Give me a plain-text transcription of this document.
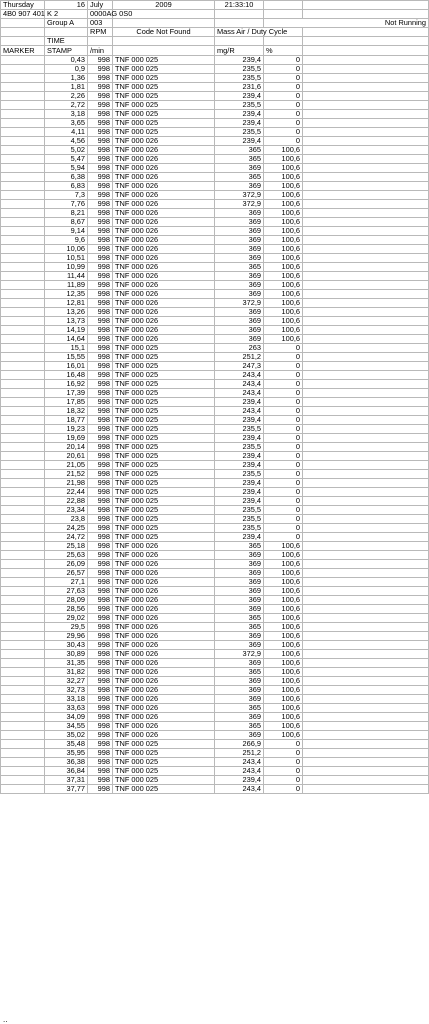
Thursday	16	July	2009	21:33:10		
4B0 907 401 K 2		0000AG 0S0				
	Group A	003			Not Running	
		RPM	Code Not Found	Mass Air / Duty Cycle		
	TIME					
MARKER	STAMP	/min		mg/R	%	
	0,43	998	TNF 000 025	239,4	0	
	0,9	998	TNF 000 025	235,5	0	
	1,36	998	TNF 000 025	235,5	0	
	1,81	998	TNF 000 025	231,6	0	
	2,26	998	TNF 000 025	239,4	0	
	2,72	998	TNF 000 025	235,5	0	
	3,18	998	TNF 000 025	239,4	0	
	3,65	998	TNF 000 025	239,4	0	
	4,11	998	TNF 000 025	235,5	0	
	4,56	998	TNF 000 026	239,4	0	
	5,02	998	TNF 000 026	365	100,6	
	5,47	998	TNF 000 026	365	100,6	
	5,94	998	TNF 000 026	369	100,6	
	6,38	998	TNF 000 026	365	100,6	
	6,83	998	TNF 000 026	369	100,6	
	7,3	998	TNF 000 026	372,9	100,6	
	7,76	998	TNF 000 026	372,9	100,6	
	8,21	998	TNF 000 026	369	100,6	
	8,67	998	TNF 000 026	369	100,6	
	9,14	998	TNF 000 026	369	100,6	
	9,6	998	TNF 000 026	369	100,6	
	10,06	998	TNF 000 026	369	100,6	
	10,51	998	TNF 000 026	369	100,6	
	10,99	998	TNF 000 026	365	100,6	
	11,44	998	TNF 000 026	369	100,6	
	11,89	998	TNF 000 026	369	100,6	
	12,35	998	TNF 000 026	369	100,6	
	12,81	998	TNF 000 026	372,9	100,6	
	13,26	998	TNF 000 026	369	100,6	
	13,73	998	TNF 000 026	369	100,6	
	14,19	998	TNF 000 026	369	100,6	
	14,64	998	TNF 000 026	369	100,6	
	15,1	998	TNF 000 025	263	0	
	15,55	998	TNF 000 025	251,2	0	
	16,01	998	TNF 000 025	247,3	0	
	16,48	998	TNF 000 025	243,4	0	
	16,92	998	TNF 000 025	243,4	0	
	17,39	998	TNF 000 025	243,4	0	
	17,85	998	TNF 000 025	239,4	0	
	18,32	998	TNF 000 025	243,4	0	
	18,77	998	TNF 000 025	239,4	0	
	19,23	998	TNF 000 025	235,5	0	
	19,69	998	TNF 000 025	239,4	0	
	20,14	998	TNF 000 025	235,5	0	
	20,61	998	TNF 000 025	239,4	0	
	21,05	998	TNF 000 025	239,4	0	
	21,52	998	TNF 000 025	235,5	0	
	21,98	998	TNF 000 025	239,4	0	
	22,44	998	TNF 000 025	239,4	0	
	22,88	998	TNF 000 025	239,4	0	
	23,34	998	TNF 000 025	235,5	0	
	23,8	998	TNF 000 025	235,5	0	
	24,25	998	TNF 000 025	235,5	0	
	24,72	998	TNF 000 025	239,4	0	
	25,18	998	TNF 000 026	365	100,6	
	25,63	998	TNF 000 026	369	100,6	
	26,09	998	TNF 000 026	369	100,6	
	26,57	998	TNF 000 026	369	100,6	
	27,1	998	TNF 000 026	369	100,6	
	27,63	998	TNF 000 026	369	100,6	
	28,09	998	TNF 000 026	369	100,6	
	28,56	998	TNF 000 026	369	100,6	
	29,02	998	TNF 000 026	365	100,6	
	29,5	998	TNF 000 026	365	100,6	
	29,96	998	TNF 000 026	369	100,6	
	30,43	998	TNF 000 026	369	100,6	
	30,89	998	TNF 000 026	372,9	100,6	
	31,35	998	TNF 000 026	369	100,6	
	31,82	998	TNF 000 026	365	100,6	
	32,27	998	TNF 000 026	369	100,6	
	32,73	998	TNF 000 026	369	100,6	
	33,18	998	TNF 000 026	369	100,6	
	33,63	998	TNF 000 026	365	100,6	
	34,09	998	TNF 000 026	369	100,6	
	34,55	998	TNF 000 026	365	100,6	
	35,02	998	TNF 000 026	369	100,6	
	35,48	998	TNF 000 025	266,9	0	
	35,95	998	TNF 000 025	251,2	0	
	36,38	998	TNF 000 025	243,4	0	
	36,84	998	TNF 000 025	243,4	0	
	37,31	998	TNF 000 025	239,4	0	
	37,77	998	TNF 000 025	243,4	0	
..
